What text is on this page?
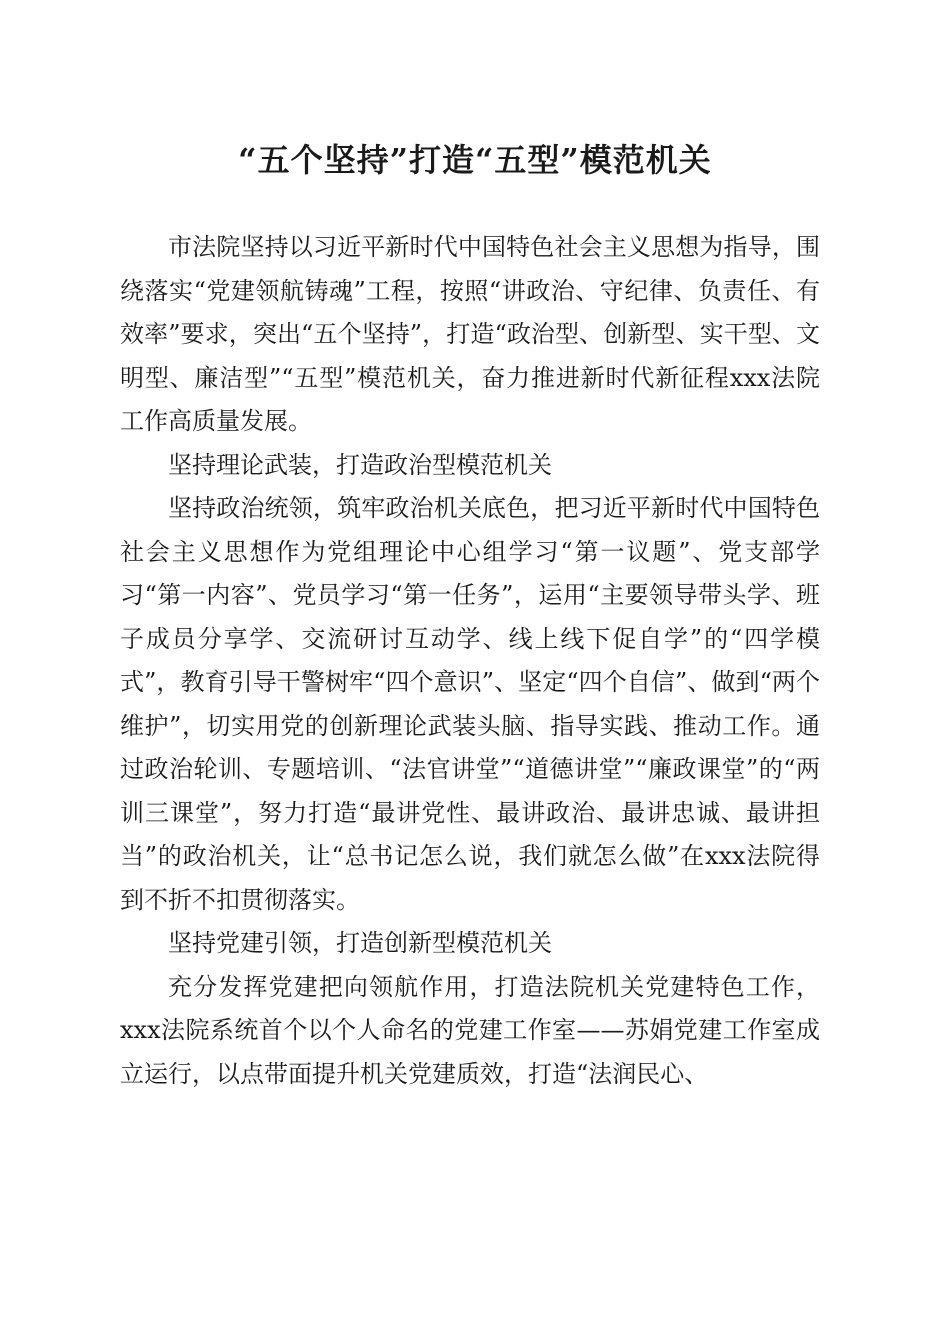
“五个坚持”打造“五型”模范机关

市法院坚持以习近平新时代中国特色社会主义思想为指导，围绕落实“党建领航铸魂”工程，按照“讲政治、守纪律、负责任、有效率”要求，突出“五个坚持”，打造“政治型、创新型、实干型、文明型、廉洁型”“五型”模范机关，奋力推进新时代新征程xxx法院工作高质量发展。

坚持理论武装，打造政治型模范机关

坚持政治统领，筑牢政治机关底色，把习近平新时代中国特色社会主义思想作为党组理论中心组学习“第一议题”、党支部学习“第一内容”、党员学习“第一任务”，运用“主要领导带头学、班子成员分享学、交流研讨互动学、线上线下促自学”的“四学模式”，教育引导干警树牢“四个意识”、坚定“四个自信”、做到“两个维护”，切实用党的创新理论武装头脑、指导实践、推动工作。通过政治轮训、专题培训、“法官讲堂”“道德讲堂”“廉政课堂”的“两训三课堂”，努力打造“最讲党性、最讲政治、最讲忠诚、最讲担当”的政治机关，让“总书记怎么说，我们就怎么做”在xxx法院得到不折不扣贯彻落实。

坚持党建引领，打造创新型模范机关

充分发挥党建把向领航作用，打造法院机关党建特色工作，xxx法院系统首个以个人命名的党建工作室——苏娟党建工作室成立运行，以点带面提升机关党建质效，打造“法润民心、
